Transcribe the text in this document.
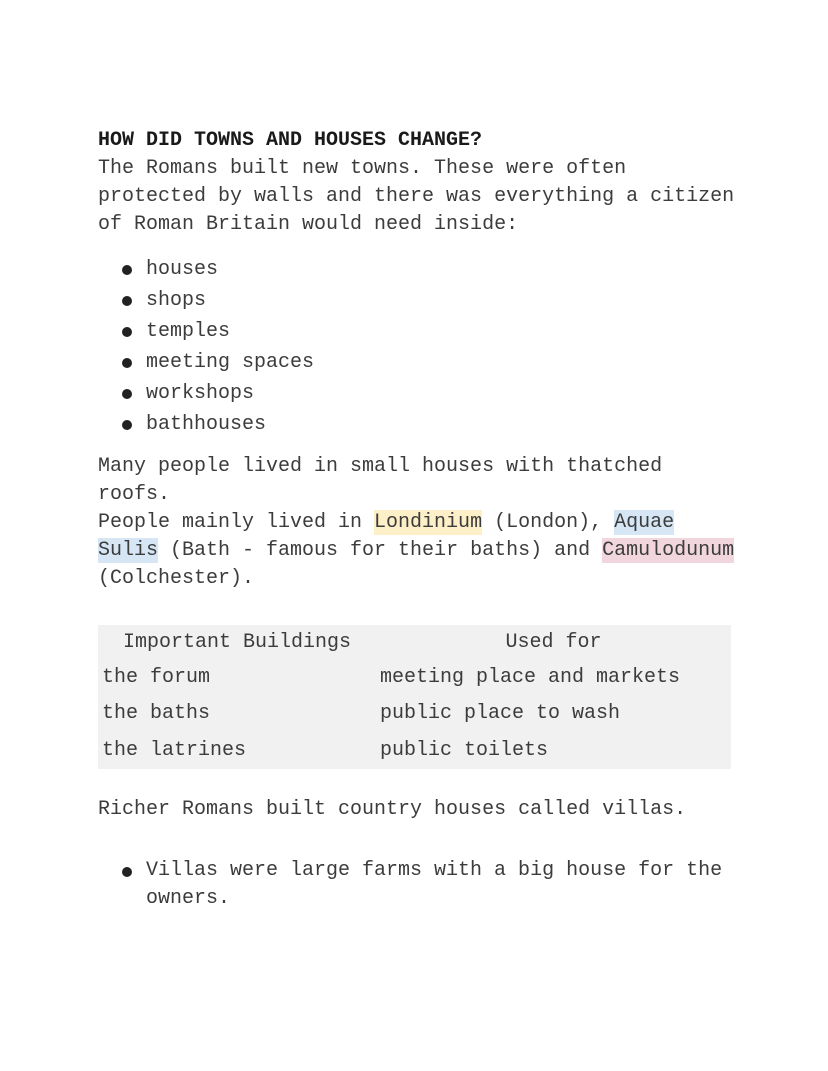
HOW DID TOWNS AND HOUSES CHANGE?

The Romans built new towns. These were often protected by walls and there was everything a citizen of Roman Britain would need inside:

houses
shops
temples
meeting spaces
workshops
bathhouses

Many people lived in small houses with thatched roofs.

People mainly lived in Londinium (London), Aquae Sulis (Bath - famous for their baths) and Camulodunum (Colchester).

Important Buildings	Used for
the forum	meeting place and markets
the baths	public place to wash
the latrines	public toilets

Richer Romans built country houses called villas.

Villas were large farms with a big house for the owners.
